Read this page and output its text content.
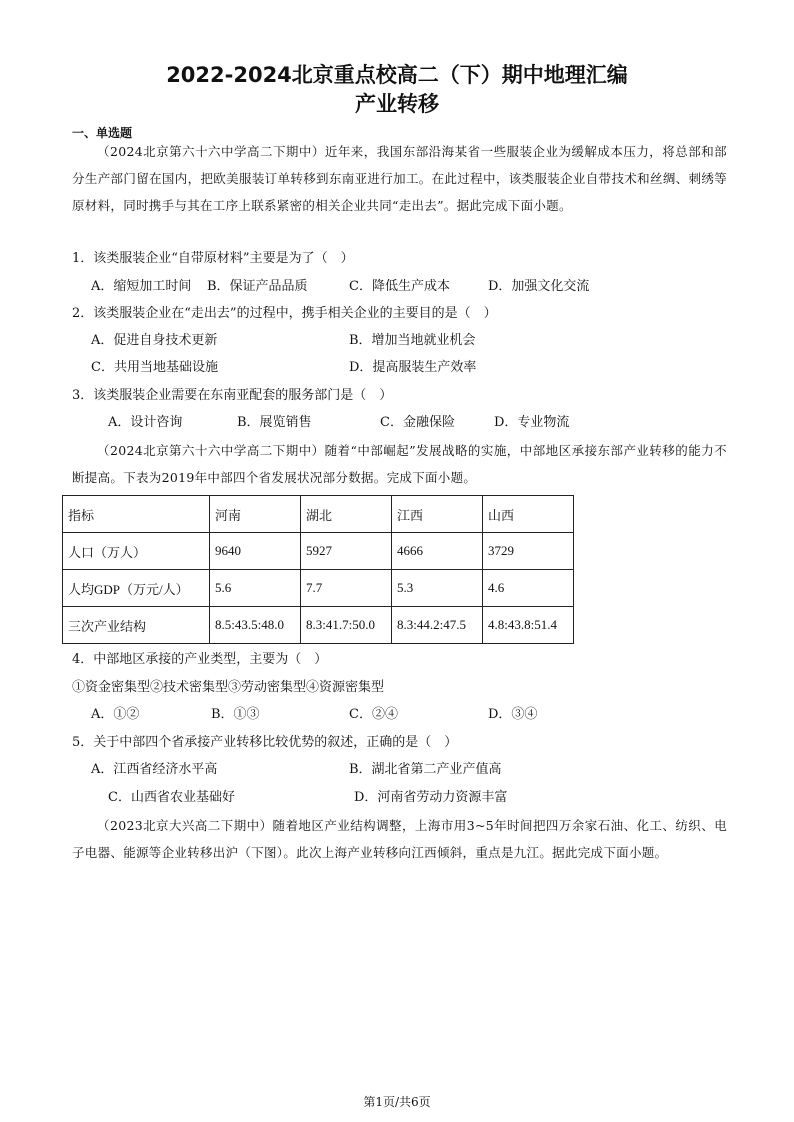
2022-2024北京重点校高二（下）期中地理汇编
产业转移
一、单选题
（2024北京第六十六中学高二下期中）近年来，我国东部沿海某省一些服装企业为缓解成本压力，将总部和部分生产部门留在国内，把欧美服装订单转移到东南亚进行加工。在此过程中，该类服装企业自带技术和丝绸、刺绣等原材料，同时携手与其在工序上联系紧密的相关企业共同“走出去”。据此完成下面小题。
1．该类服装企业“自带原材料”主要是为了（　）
A．缩短加工时间 B．保证产品品质	C．降低生产成本	D．加强文化交流
2．该类服装企业在“走出去”的过程中，携手相关企业的主要目的是（　）
A．促进自身技术更新	B．增加当地就业机会
C．共用当地基础设施	D．提高服装生产效率
3．该类服装企业需要在东南亚配套的服务部门是（　）
A．设计咨询	B．展览销售	C．金融保险	D．专业物流
（2024北京第六十六中学高二下期中）随着“中部崛起”发展战略的实施，中部地区承接东部产业转移的能力不断提高。下表为2019年中部四个省发展状况部分数据。完成下面小题。
指标	河南	湖北	江西	山西
人口（万人）	9640	5927	4666	3729
人均GDP（万元/人）	5.6	7.7	5.3	4.6
三次产业结构	8.5:43.5:48.0	8.3:41.7:50.0	8.3:44.2:47.5	4.8:43.8:51.4
4．中部地区承接的产业类型，主要为（　）
①资金密集型②技术密集型③劳动密集型④资源密集型
A．①②	B．①③	C．②④	D．③④
5．关于中部四个省承接产业转移比较优势的叙述，正确的是（　）
A．江西省经济水平高	B．湖北省第二产业产值高
C．山西省农业基础好	D．河南省劳动力资源丰富
（2023北京大兴高二下期中）随着地区产业结构调整，上海市用3~5年时间把四万余家石油、化工、纺织、电子电器、能源等企业转移出沪（下图）。此次上海产业转移向江西倾斜，重点是九江。据此完成下面小题。
第1页/共6页
